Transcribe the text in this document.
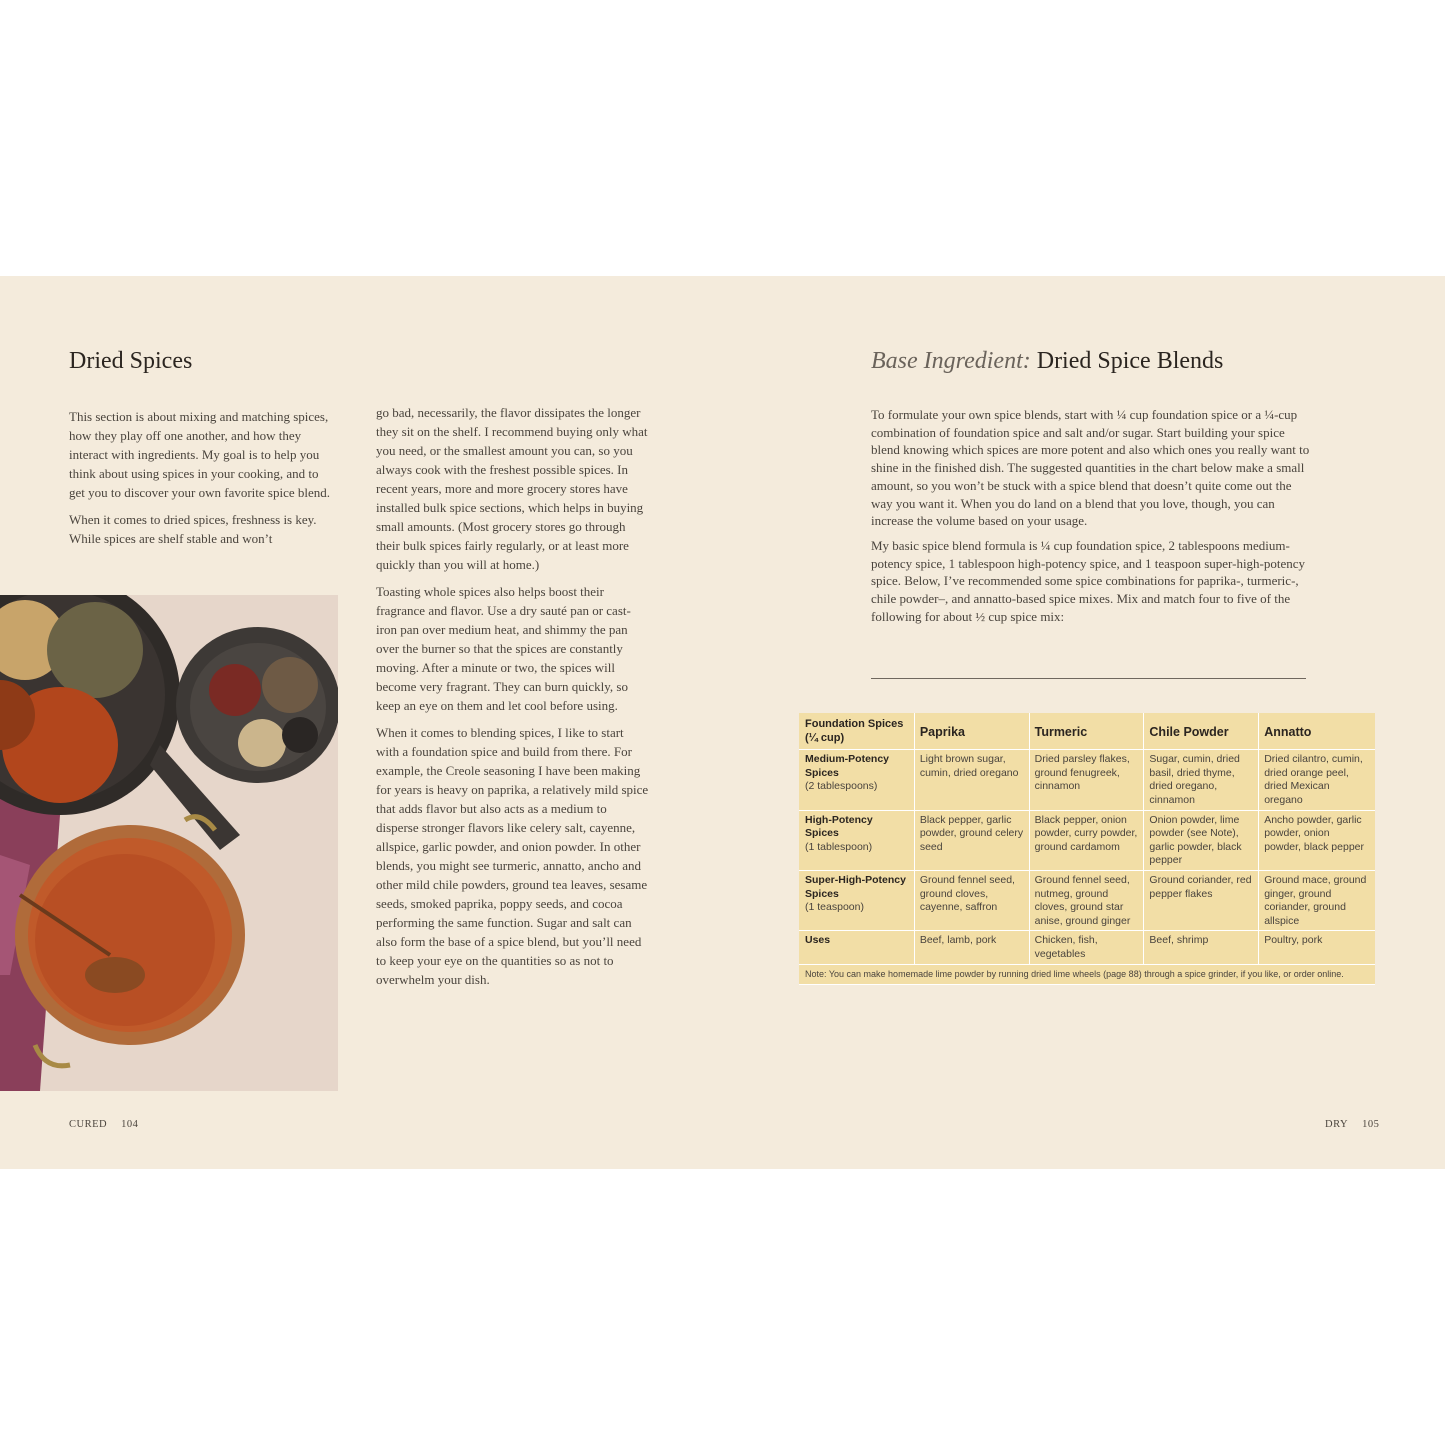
Dried Spices

This section is about mixing and matching spices, how they play off one another, and how they interact with ingredients. My goal is to help you think about using spices in your cooking, and to get you to discover your own favorite spice blend.

When it comes to dried spices, freshness is key. While spices are shelf stable and won’t

go bad, necessarily, the flavor dissipates the longer they sit on the shelf. I recommend buying only what you need, or the smallest amount you can, so you always cook with the freshest possible spices. In recent years, more and more grocery stores have installed bulk spice sections, which helps in buying small amounts. (Most grocery stores go through their bulk spices fairly regularly, or at least more quickly than you will at home.)

Toasting whole spices also helps boost their fragrance and flavor. Use a dry sauté pan or cast-iron pan over medium heat, and shimmy the pan over the burner so that the spices are constantly moving. After a minute or two, the spices will become very fragrant. They can burn quickly, so keep an eye on them and let cool before using.

When it comes to blending spices, I like to start with a foundation spice and build from there. For example, the Creole seasoning I have been making for years is heavy on paprika, a relatively mild spice that adds flavor but also acts as a medium to disperse stronger flavors like celery salt, cayenne, allspice, garlic powder, and onion powder. In other blends, you might see turmeric, annatto, ancho and other mild chile powders, ground tea leaves, sesame seeds, smoked paprika, poppy seeds, and cocoa performing the same function. Sugar and salt can also form the base of a spice blend, but you’ll need to keep your eye on the quantities so as not to overwhelm your dish.

Base Ingredient: Dried Spice Blends

To formulate your own spice blends, start with ¼ cup foundation spice or a ¼-cup combination of foundation spice and salt and/or sugar. Start building your spice blend knowing which spices are more potent and also which ones you really want to shine in the finished dish. The suggested quantities in the chart below make a small amount, so you won’t be stuck with a spice blend that doesn’t quite come out the way you want it. When you do land on a blend that you love, though, you can increase the volume based on your usage.

My basic spice blend formula is ¼ cup foundation spice, 2 tablespoons medium-potency spice, 1 tablespoon high-potency spice, and 1 teaspoon super-high-potency spice. Below, I’ve recommended some spice combinations for paprika-, turmeric-, chile powder–, and annatto-based spice mixes. Mix and match four to five of the following for about ½ cup spice mix:

Foundation Spices (¼ cup)	Paprika	Turmeric	Chile Powder	Annatto

Medium-Potency Spices
(2 tablespoons)	Light brown sugar, cumin, dried oregano	Dried parsley flakes, ground fenugreek, cinnamon	Sugar, cumin, dried basil, dried thyme, dried oregano, cinnamon	Dried cilantro, cumin, dried orange peel, dried Mexican oregano

High-Potency Spices
(1 tablespoon)	Black pepper, garlic powder, ground celery seed	Black pepper, onion powder, curry powder, ground cardamom	Onion powder, lime powder (see Note), garlic powder, black pepper	Ancho powder, garlic powder, onion powder, black pepper

Super-High-Potency Spices
(1 teaspoon)	Ground fennel seed, ground cloves, cayenne, saffron	Ground fennel seed, nutmeg, ground cloves, ground star anise, ground ginger	Ground coriander, red pepper flakes	Ground mace, ground ginger, ground coriander, ground allspice

Uses	Beef, lamb, pork	Chicken, fish, vegetables	Beef, shrimp	Poultry, pork
Note: You can make homemade lime powder by running dried lime wheels (page 88) through a spice grinder, if you like, or order online.				
CURED 104	DRY 105
